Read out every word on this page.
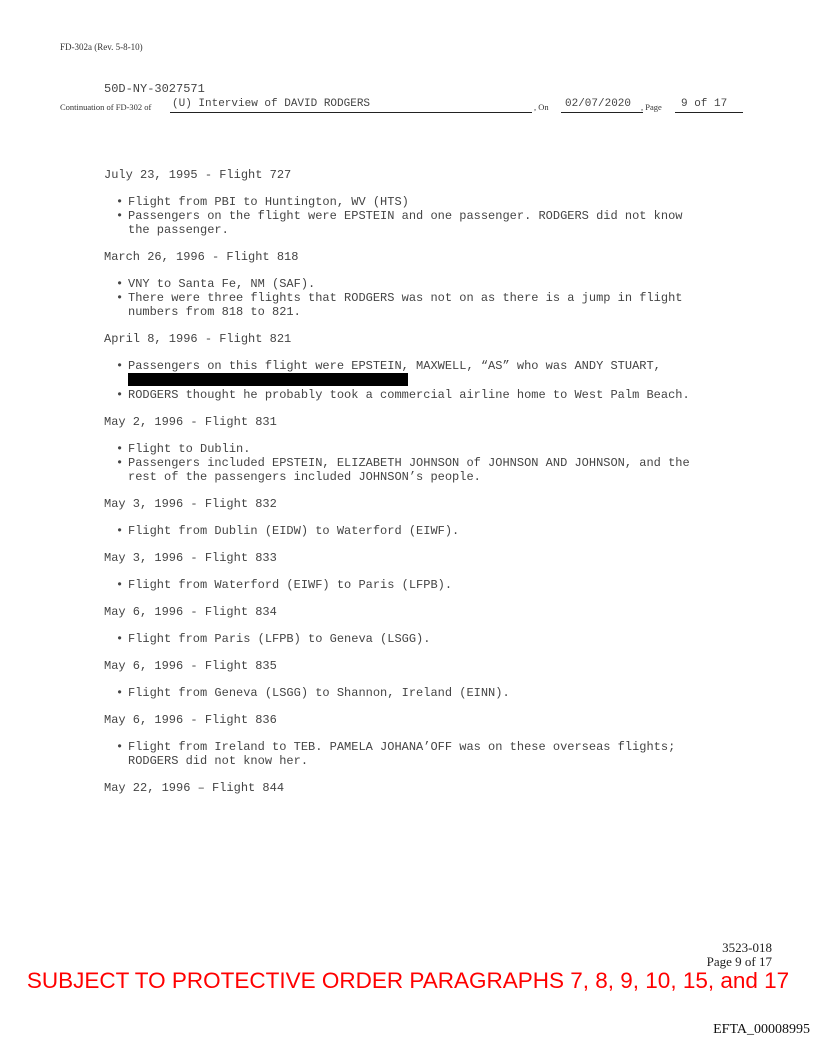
FD-302a (Rev. 5-8-10)
50D-NY-3027571
Continuation of FD-302 of (U) Interview of DAVID RODGERS	, On	02/07/2020	, Page	9 of 17
July 23, 1995 - Flight 727
• Flight from PBI to Huntington, WV (HTS)
• Passengers on the flight were EPSTEIN and one passenger. RODGERS did not know the passenger.
March 26, 1996 - Flight 818
• VNY to Santa Fe, NM (SAF).
• There were three flights that RODGERS was not on as there is a jump in flight numbers from 818 to 821.
April 8, 1996 - Flight 821
• Passengers on this flight were EPSTEIN, MAXWELL, “AS” who was ANDY STUART,
• RODGERS thought he probably took a commercial airline home to West Palm Beach.
May 2, 1996 - Flight 831
• Flight to Dublin.
• Passengers included EPSTEIN, ELIZABETH JOHNSON of JOHNSON AND JOHNSON, and the rest of the passengers included JOHNSON’s people.
May 3, 1996 - Flight 832
• Flight from Dublin (EIDW) to Waterford (EIWF).
May 3, 1996 - Flight 833
• Flight from Waterford (EIWF) to Paris (LFPB).
May 6, 1996 - Flight 834
• Flight from Paris (LFPB) to Geneva (LSGG).
May 6, 1996 - Flight 835
• Flight from Geneva (LSGG) to Shannon, Ireland (EINN).
May 6, 1996 - Flight 836
• Flight from Ireland to TEB. PAMELA JOHANA’OFF was on these overseas flights; RODGERS did not know her.
May 22, 1996 – Flight 844
3523-018
Page 9 of 17
SUBJECT TO PROTECTIVE ORDER PARAGRAPHS 7, 8, 9, 10, 15, and 17
EFTA_00008995
